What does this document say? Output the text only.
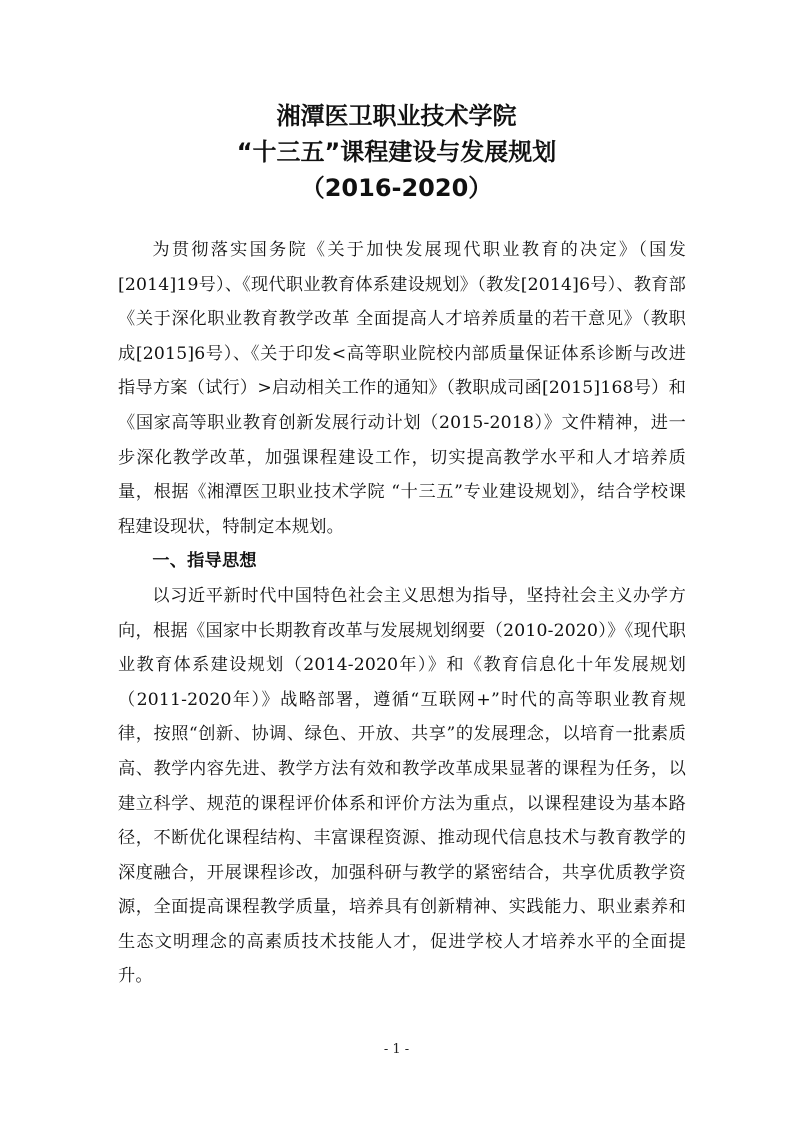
湘潭医卫职业技术学院
“十三五”课程建设与发展规划
（2016-2020）

为贯彻落实国务院《关于加快发展现代职业教育的决定》（国发[2014]19号）、《现代职业教育体系建设规划》（教发[2014]6号）、教育部《关于深化职业教育教学改革 全面提高人才培养质量的若干意见》（教职成[2015]6号）、《关于印发<高等职业院校内部质量保证体系诊断与改进指导方案（试行）>启动相关工作的通知》（教职成司函[2015]168号）和《国家高等职业教育创新发展行动计划（2015-2018）》文件精神，进一步深化教学改革，加强课程建设工作，切实提高教学水平和人才培养质量，根据《湘潭医卫职业技术学院 “十三五”专业建设规划》，结合学校课程建设现状，特制定本规划。

一、指导思想

以习近平新时代中国特色社会主义思想为指导，坚持社会主义办学方向，根据《国家中长期教育改革与发展规划纲要（2010-2020）》《现代职业教育体系建设规划（2014-2020年）》和《教育信息化十年发展规划（2011-2020年）》战略部署，遵循“互联网+”时代的高等职业教育规律，按照“创新、协调、绿色、开放、共享”的发展理念，以培育一批素质高、教学内容先进、教学方法有效和教学改革成果显著的课程为任务，以建立科学、规范的课程评价体系和评价方法为重点，以课程建设为基本路径，不断优化课程结构、丰富课程资源、推动现代信息技术与教育教学的深度融合，开展课程诊改，加强科研与教学的紧密结合，共享优质教学资源，全面提高课程教学质量，培养具有创新精神、实践能力、职业素养和生态文明理念的高素质技术技能人才，促进学校人才培养水平的全面提升。

- 1 -
